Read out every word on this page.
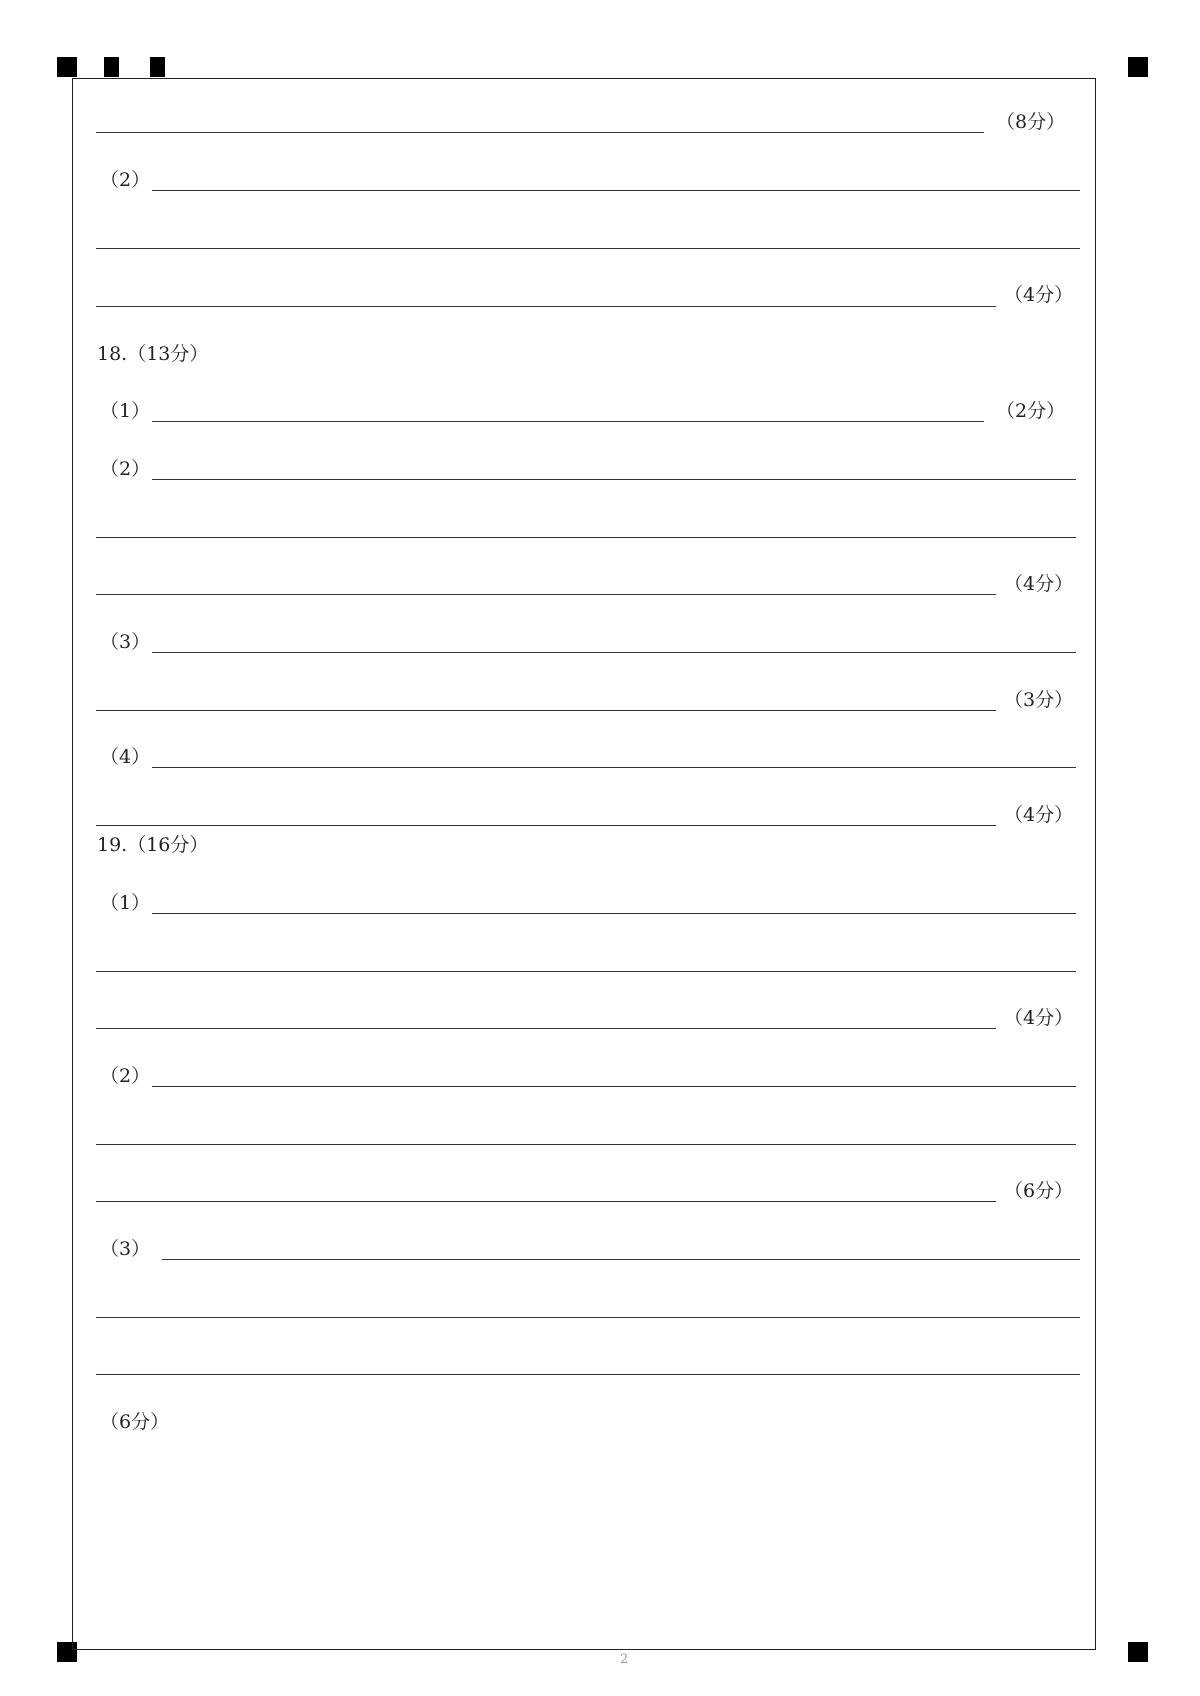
（8分）
（2）
（4分）
18.（13分）
（1）	（2分）
（2）
（4分）
（3）
（3分）
（4）
（4分）
19.（16分）
（1）
（4分）
（2）
（6分）
（3）
（6分）
2
